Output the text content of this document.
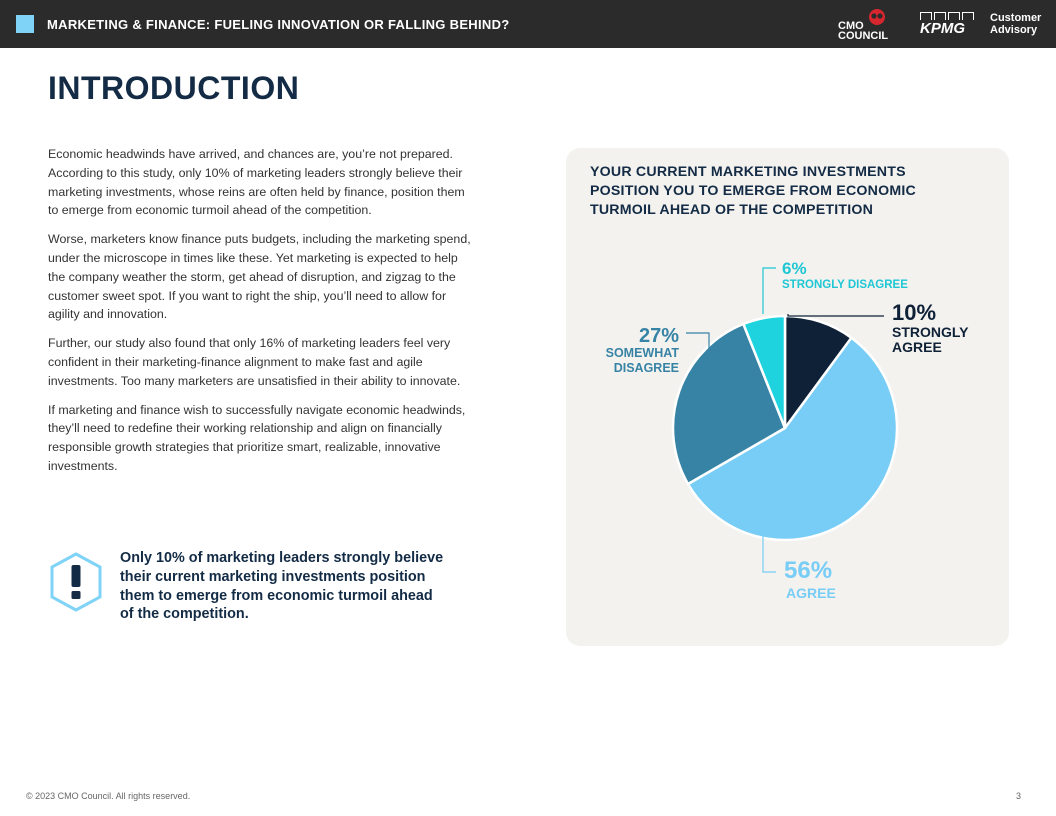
MARKETING & FINANCE: FUELING INNOVATION OR FALLING BEHIND?	CMO
COUNCIL KPMG
Customer
Advisory
INTRODUCTION

Economic headwinds have arrived, and chances are, you’re not prepared. According to this study, only 10% of marketing leaders strongly believe their marketing investments, whose reins are often held by finance, position them to emerge from economic turmoil ahead of the competition.

Worse, marketers know finance puts budgets, including the marketing spend, under the microscope in times like these. Yet marketing is expected to help the company weather the storm, get ahead of disruption, and zigzag to the customer sweet spot. If you want to right the ship, you’ll need to allow for agility and innovation.

Further, our study also found that only 16% of marketing leaders feel very confident in their marketing-finance alignment to make fast and agile investments. Too many marketers are unsatisfied in their ability to innovate.

If marketing and finance wish to successfully navigate economic headwinds, they’ll need to redefine their working relationship and align on financially responsible growth strategies that prioritize smart, realizable, innovative investments.

Only 10% of marketing leaders strongly believe their current marketing investments position them to emerge from economic turmoil ahead of the competition.
YOUR CURRENT MARKETING INVESTMENTS POSITION YOU TO EMERGE FROM ECONOMIC TURMOIL AHEAD OF THE COMPETITION
10%
STRONGLY
AGREE
56%
AGREE
27%
SOMEWHAT
DISAGREE
6%
STRONGLY DISAGREE
© 2023 CMO Council. All rights reserved.	3
